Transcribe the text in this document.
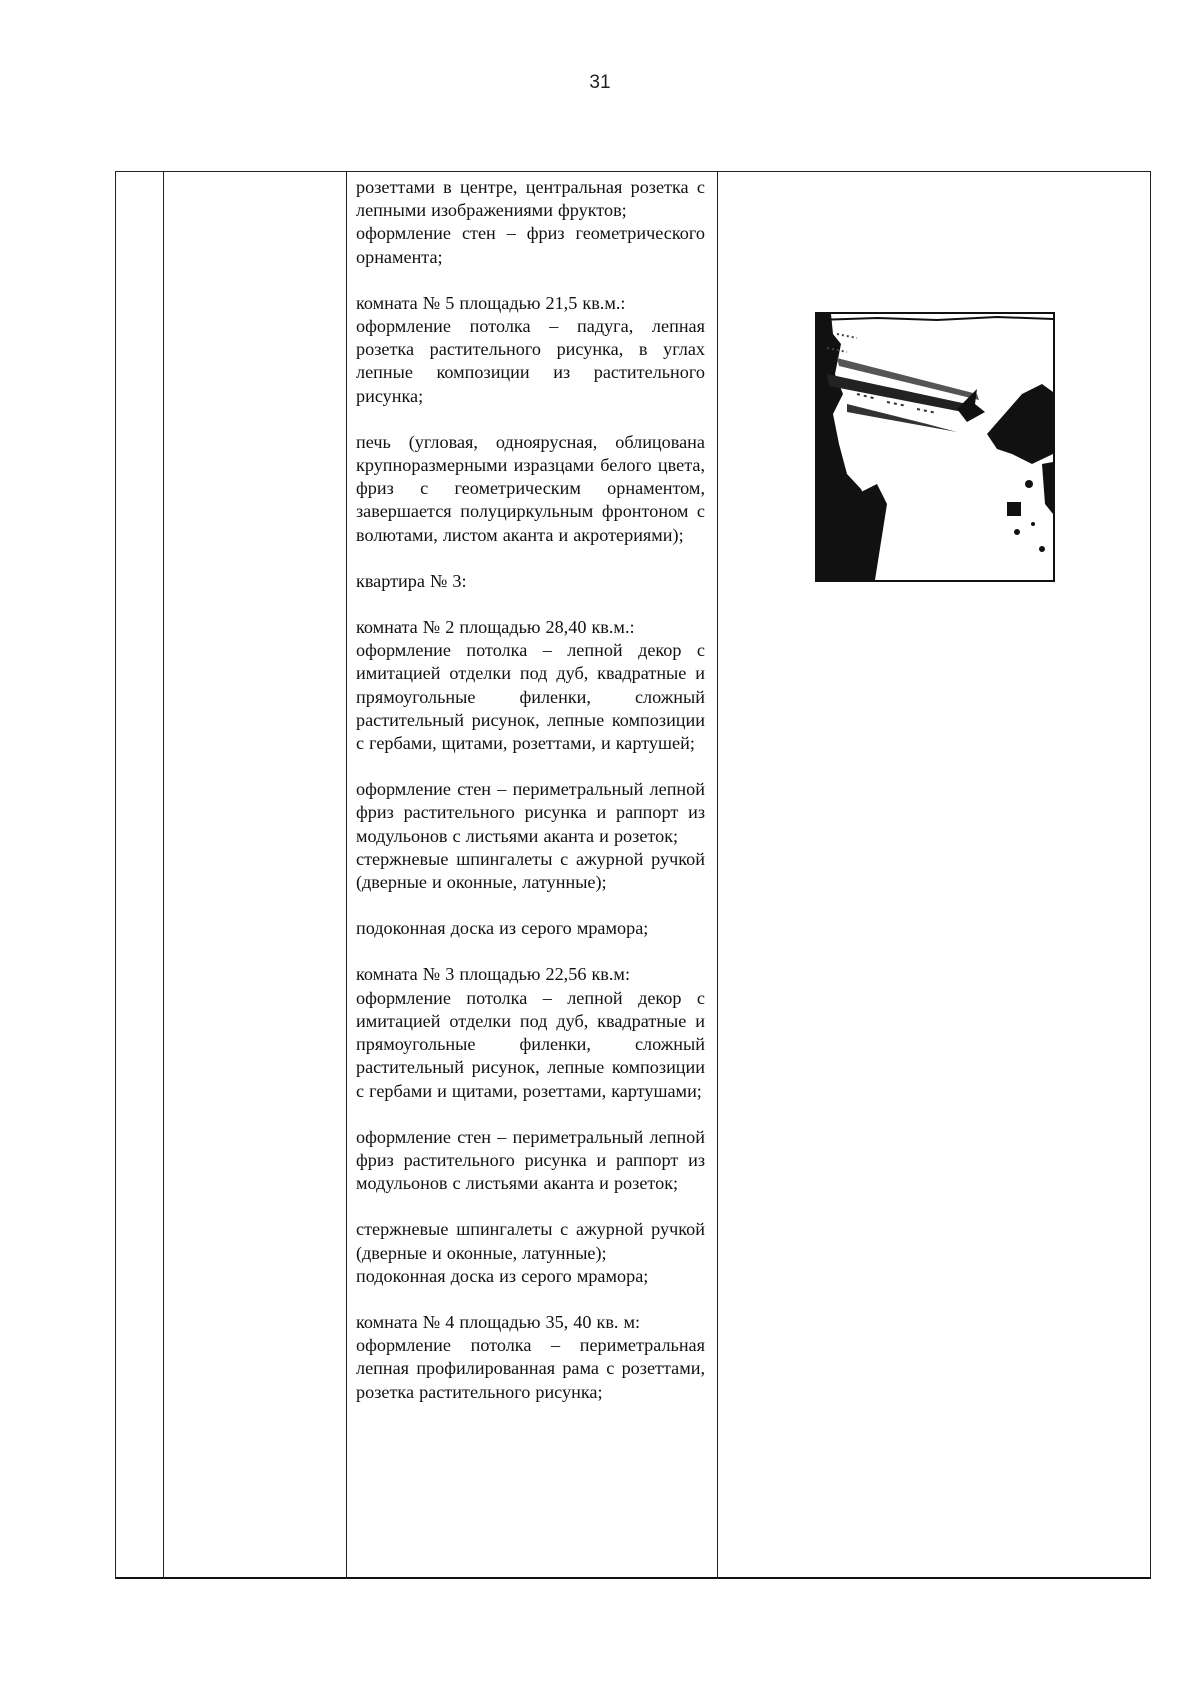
31

розеттами в центре, центральная розетка с лепными изображениями фруктов;

оформление стен – фриз геометрического орнамента;

комната № 5 площадью 21,5 кв.м.:

оформление потолка – падуга, лепная розетка растительного рисунка, в углах лепные композиции из растительного рисунка;

печь (угловая, одноярусная, облицована крупноразмерными изразцами белого цвета, фриз с геометрическим орнаментом, завершается полуциркульным фронтоном с волютами, листом аканта и акротериями);

квартира № 3:

комната № 2 площадью 28,40 кв.м.:

оформление потолка – лепной декор с имитацией отделки под дуб, квадратные и прямоугольные филенки, сложный растительный рисунок, лепные композиции с гербами, щитами, розеттами, и картушей;

оформление стен – периметральный лепной фриз растительного рисунка и раппорт из модульонов с листьями аканта и розеток;

стержневые шпингалеты с ажурной ручкой (дверные и оконные, латунные);

подоконная доска из серого мрамора;

комната № 3 площадью 22,56 кв.м:

оформление потолка – лепной декор с имитацией отделки под дуб, квадратные и прямоугольные филенки, сложный растительный рисунок, лепные композиции с гербами и щитами, розеттами, картушами;

оформление стен – периметральный лепной фриз растительного рисунка и раппорт из модульонов с листьями аканта и розеток;

стержневые шпингалеты с ажурной ручкой (дверные и оконные, латунные);

подоконная доска из серого мрамора;

комната № 4 площадью 35, 40 кв. м:

оформление потолка – периметральная лепная профилированная рама с розеттами, розетка растительного рисунка;
